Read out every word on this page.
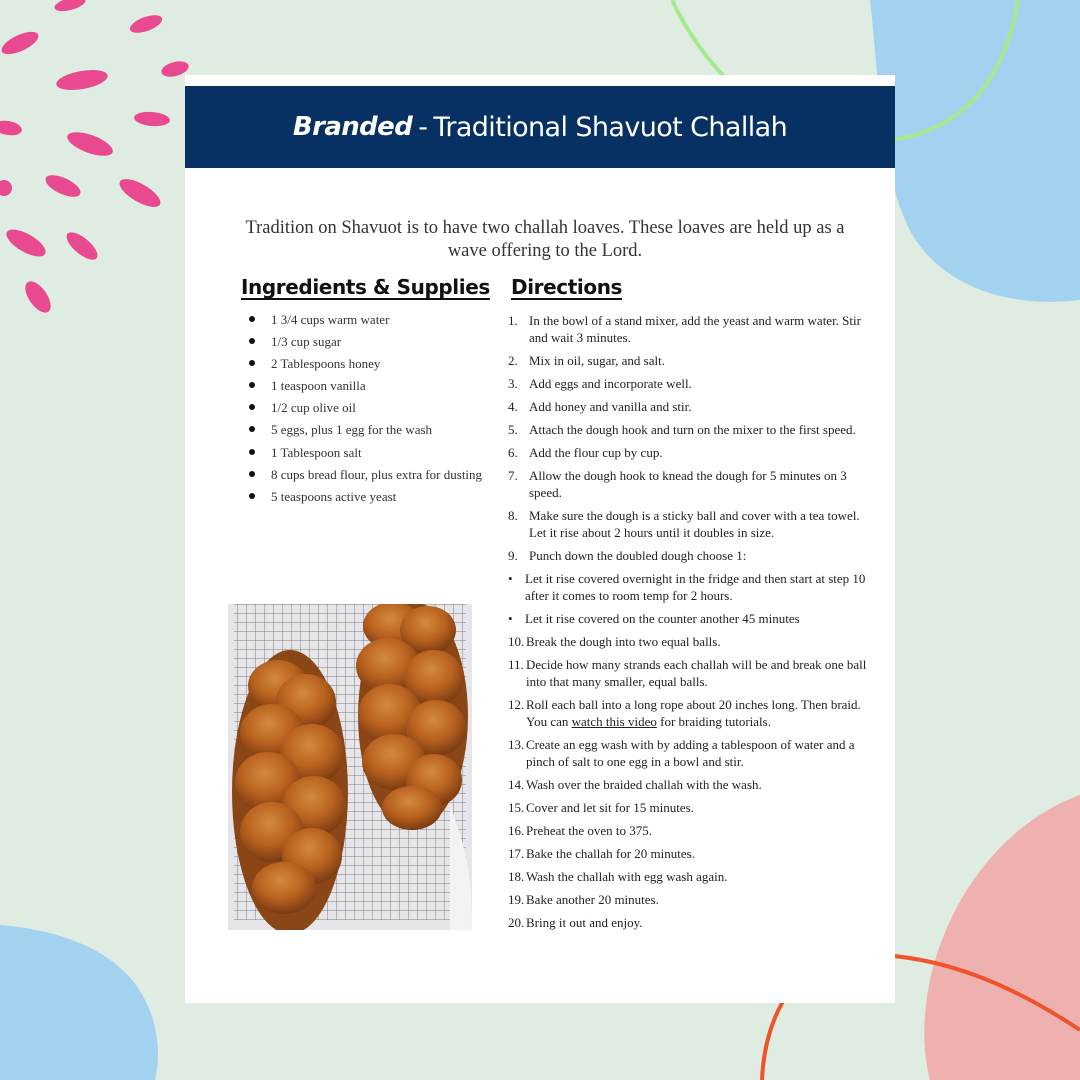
Branded - Traditional Shavuot Challah
Tradition on Shavuot is to have two challah loaves. These loaves are held up as a wave offering to the Lord.
Ingredients & Supplies Directions
1 3/4 cups warm water
1/3 cup sugar
2 Tablespoons honey
1 teaspoon vanilla
1/2 cup olive oil
5 eggs, plus 1 egg for the wash
1 Tablespoon salt
8 cups bread flour, plus extra for dusting
5 teaspoons active yeast
1. In the bowl of a stand mixer, add the yeast and warm water. Stir and wait 3 minutes.
2. Mix in oil, sugar, and salt.
3. Add eggs and incorporate well.
4. Add honey and vanilla and stir.
5. Attach the dough hook and turn on the mixer to the first speed.
6. Add the flour cup by cup.
7. Allow the dough hook to knead the dough for 5 minutes on 3 speed.
8. Make sure the dough is a sticky ball and cover with a tea towel. Let it rise about 2 hours until it doubles in size.
9. Punch down the doubled dough choose 1:
• Let it rise covered overnight in the fridge and then start at step 10 after it comes to room temp for 2 hours.
• Let it rise covered on the counter another 45 minutes
10. Break the dough into two equal balls.
11. Decide how many strands each challah will be and break one ball into that many smaller, equal balls.
12. Roll each ball into a long rope about 20 inches long. Then braid. You can watch this video for braiding tutorials.
13. Create an egg wash with by adding a tablespoon of water and a pinch of salt to one egg in a bowl and stir.
14. Wash over the braided challah with the wash.
15. Cover and let sit for 15 minutes.
16. Preheat the oven to 375.
17. Bake the challah for 20 minutes.
18. Wash the challah with egg wash again.
19. Bake another 20 minutes.
20. Bring it out and enjoy.
